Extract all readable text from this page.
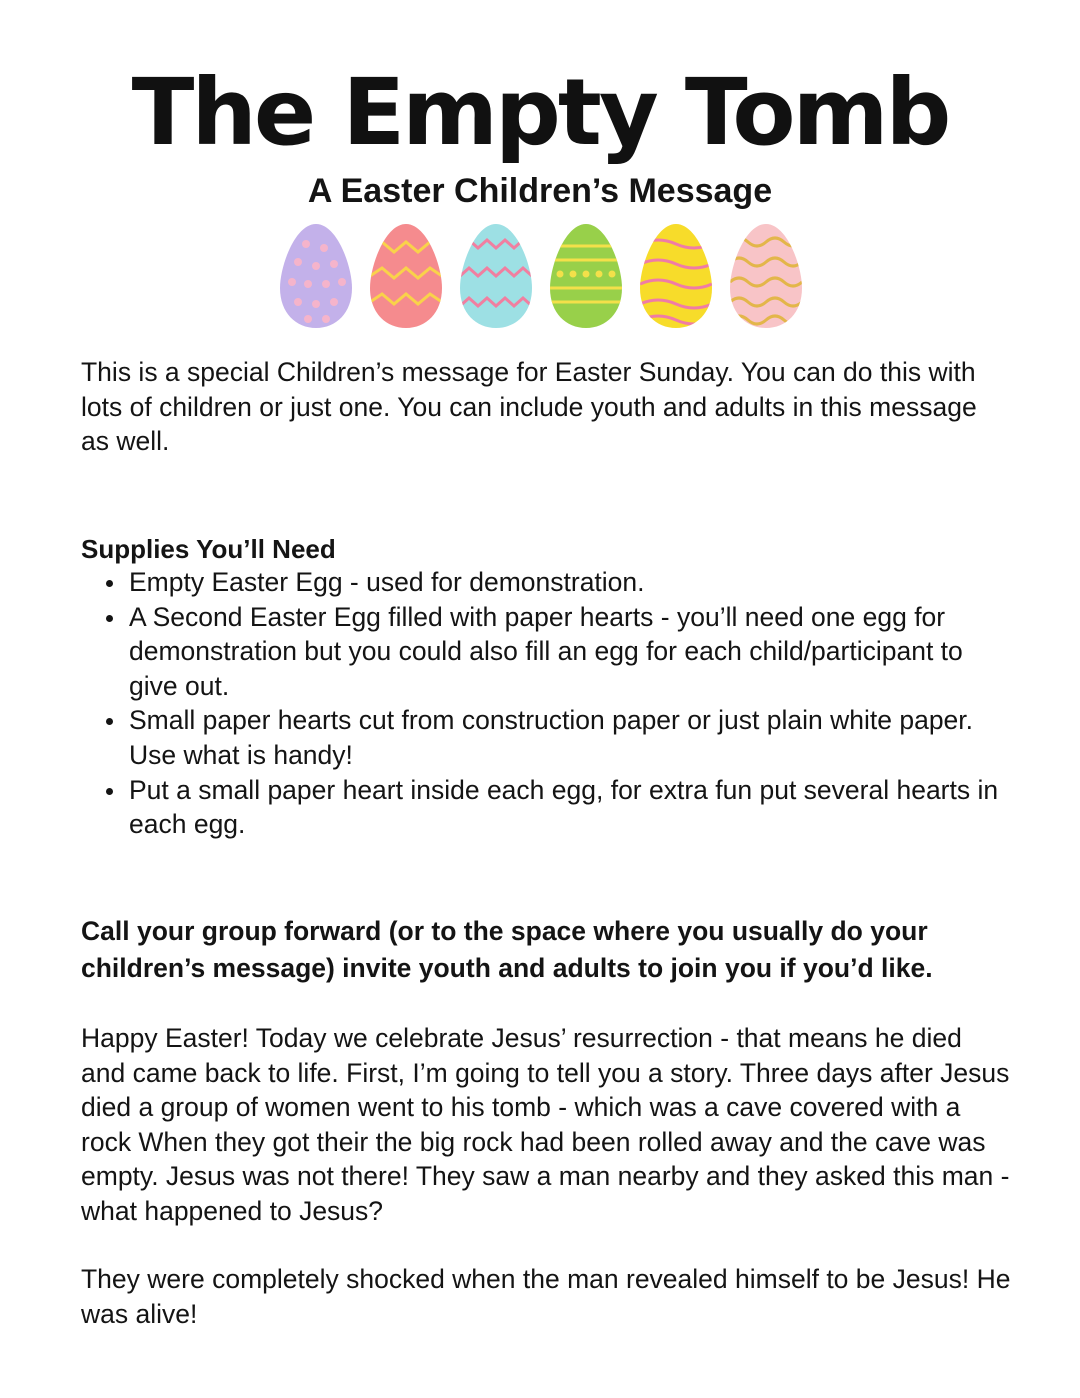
The Empty Tomb
A Easter Children’s Message

This is a special Children’s message for Easter Sunday. You can do this with lots of children or just one. You can include youth and adults in this message as well.

Supplies You’ll Need

Empty Easter Egg - used for demonstration.
A Second Easter Egg filled with paper hearts - you’ll need one egg for demonstration but you could also fill an egg for each child/participant to give out.
Small paper hearts cut from construction paper or just plain white paper. Use what is handy!
Put a small paper heart inside each egg, for extra fun put several hearts in each egg.

Call your group forward (or to the space where you usually do your children’s message) invite youth and adults to join you if you’d like.

Happy Easter! Today we celebrate Jesus’ resurrection - that means he died and came back to life. First, I’m going to tell you a story. Three days after Jesus died a group of women went to his tomb - which was a cave covered with a rock When they got their the big rock had been rolled away and the cave was empty. Jesus was not there! They saw a man nearby and they asked this man - what happened to Jesus?

They were completely shocked when the man revealed himself to be Jesus! He was alive!
